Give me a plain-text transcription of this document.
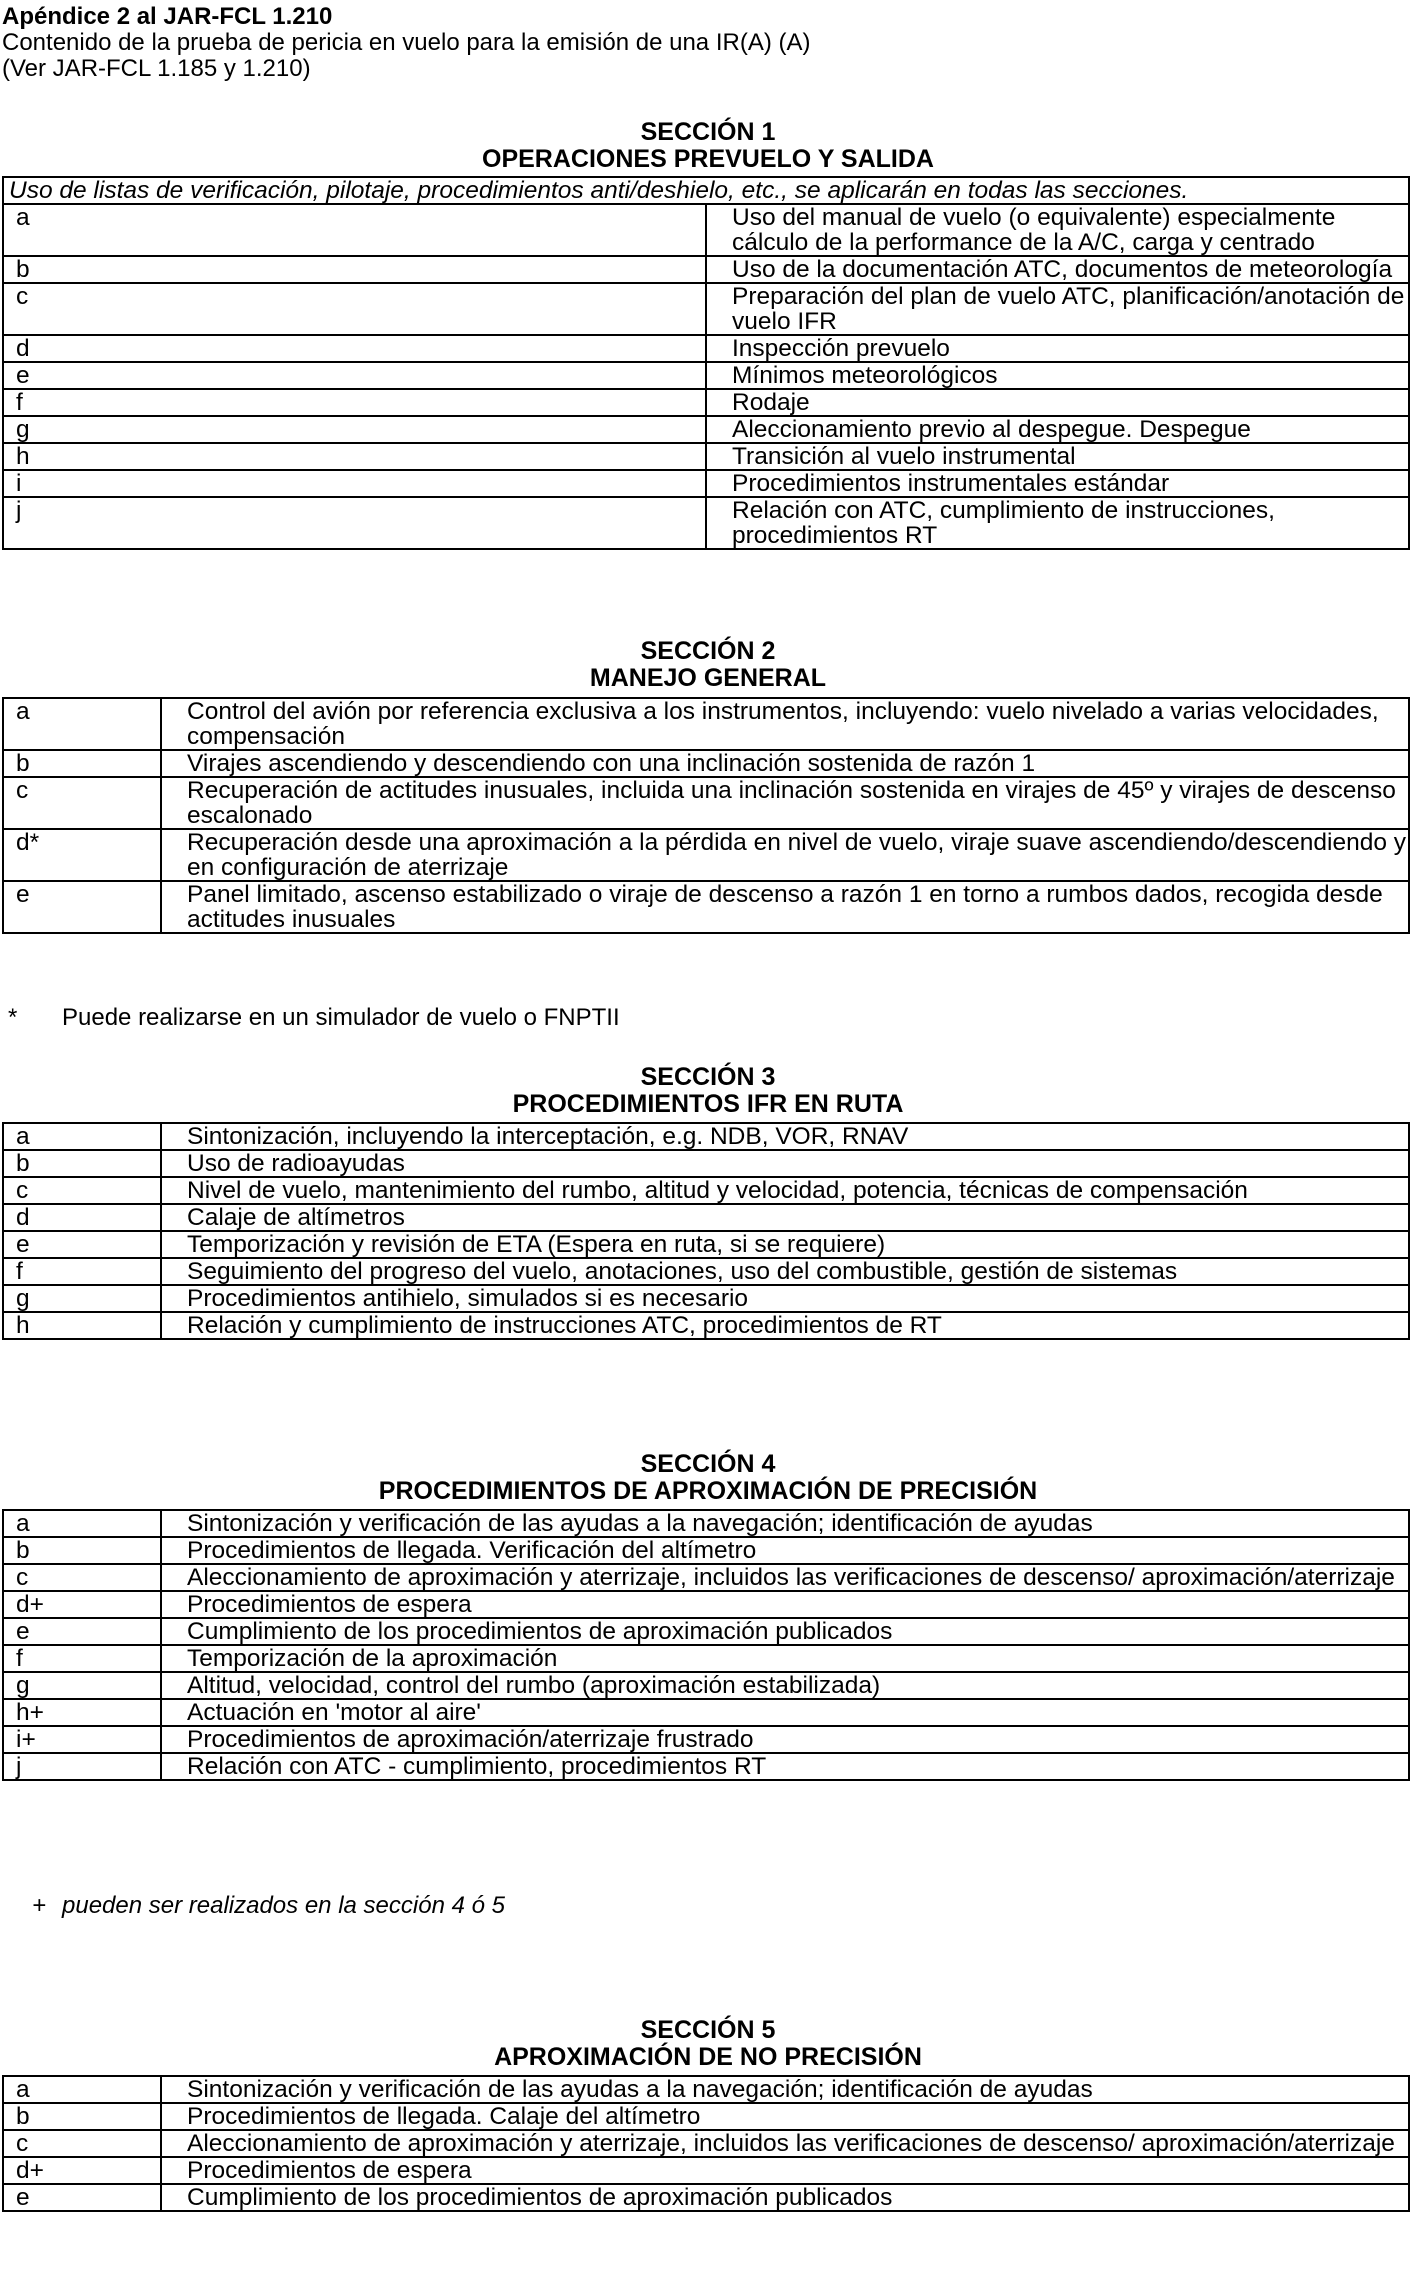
Apéndice 2 al JAR-FCL 1.210
Contenido de la prueba de pericia en vuelo para la emisión de una IR(A) (A)
(Ver JAR-FCL 1.185 y 1.210)
SECCIÓN 1
OPERACIONES PREVUELO Y SALIDA
Uso de listas de verificación, pilotaje, procedimientos anti/deshielo, etc., se aplicarán en todas las secciones.	
a	Uso del manual de vuelo (o equivalente) especialmente cálculo de la performance de la A/C, carga y centrado
b	Uso de la documentación ATC, documentos de meteorología
c	Preparación del plan de vuelo ATC, planificación/anotación de vuelo IFR
d	Inspección prevuelo
e	Mínimos meteorológicos
f	Rodaje
g	Aleccionamiento previo al despegue. Despegue
h	Transición al vuelo instrumental
i	Procedimientos instrumentales estándar
j	Relación con ATC, cumplimiento de instrucciones, procedimientos RT
SECCIÓN 2
MANEJO GENERAL
a	Control del avión por referencia exclusiva a los instrumentos, incluyendo: vuelo nivelado a varias velocidades, compensación
b	Virajes ascendiendo y descendiendo con una inclinación sostenida de razón 1
c	Recuperación de actitudes inusuales, incluida una inclinación sostenida en virajes de 45º y virajes de descenso escalonado
d*	Recuperación desde una aproximación a la pérdida en nivel de vuelo, viraje suave ascendiendo/descendiendo y en configuración de aterrizaje
e	Panel limitado, ascenso estabilizado o viraje de descenso a razón 1 en torno a rumbos dados, recogida desde actitudes inusuales
* Puede realizarse en un simulador de vuelo o FNPTII
SECCIÓN 3
PROCEDIMIENTOS IFR EN RUTA
a	Sintonización, incluyendo la interceptación, e.g. NDB, VOR, RNAV
b	Uso de radioayudas
c	Nivel de vuelo, mantenimiento del rumbo, altitud y velocidad, potencia, técnicas de compensación
d	Calaje de altímetros
e	Temporización y revisión de ETA (Espera en ruta, si se requiere)
f	Seguimiento del progreso del vuelo, anotaciones, uso del combustible, gestión de sistemas
g	Procedimientos antihielo, simulados si es necesario
h	Relación y cumplimiento de instrucciones ATC, procedimientos de RT
SECCIÓN 4
PROCEDIMIENTOS DE APROXIMACIÓN DE PRECISIÓN
a	Sintonización y verificación de las ayudas a la navegación; identificación de ayudas
b	Procedimientos de llegada. Verificación del altímetro
c	Aleccionamiento de aproximación y aterrizaje, incluidos las verificaciones de descenso/ aproximación/aterrizaje
d+	Procedimientos de espera
e	Cumplimiento de los procedimientos de aproximación publicados
f	Temporización de la aproximación
g	Altitud, velocidad, control del rumbo (aproximación estabilizada)
h+	Actuación en 'motor al aire'
i+	Procedimientos de aproximación/aterrizaje frustrado
j	Relación con ATC - cumplimiento, procedimientos RT
+ pueden ser realizados en la sección 4 ó 5
SECCIÓN 5
APROXIMACIÓN DE NO PRECISIÓN
a	Sintonización y verificación de las ayudas a la navegación; identificación de ayudas
b	Procedimientos de llegada. Calaje del altímetro
c	Aleccionamiento de aproximación y aterrizaje, incluidos las verificaciones de descenso/ aproximación/aterrizaje
d+	Procedimientos de espera
e	Cumplimiento de los procedimientos de aproximación publicados
